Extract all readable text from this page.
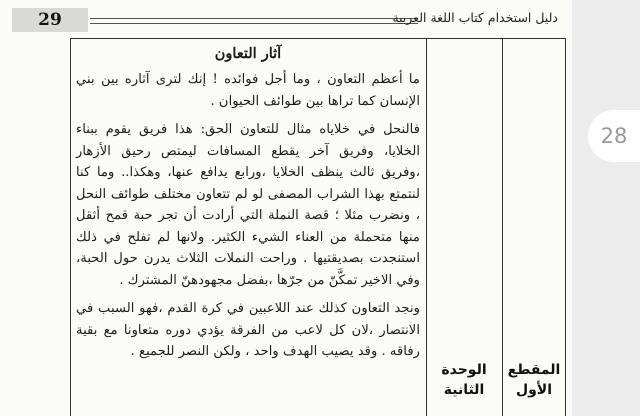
29	دليل استخدام كتاب اللغة العربية

آثار التعاون

ما أعظم التعاون ، وما أجل فوائده ! إنك لترى آثاره بين بني الإنسان كما تراها بين طوائف الحيوان .

فالنحل في خلاياه مثال للتعاون الحق: هذا فريق يقوم ببناء الخلايا، وفريق آخر يقطع المسافات ليمتص رحيق الأزهار ،وفريق ثالث ينظف الخلايا ،ورابع يدافع عنها، وهكذا.. وما كنا لنتمتع بهذا الشراب المصفى لو لم تتعاون مختلف طوائف النحل ، ونضرب مثلا ؛ قصة النملة التي أرادت أن تجر حبة قمح أثقل منها متحملة من العناء الشيء الكثير. ولانها لم تفلح في ذلك استنجدت بصديقتيها . وراحت النملات الثلاث يدرن حول الحبة، وفي الاخير تمكَّنّ من جرّها ،بفضل مجهودهنّ المشترك .

ونجد التعاون كذلك عند اللاعبين في كرة القدم ،فهو السبب في الانتصار ،لان كل لاعب من الفرقة يؤدي دوره متعاونا مع بقية رفاقه . وقد يصيب الهدف واحد ، ولكن النصر للجميع .

الوحدة الثانية
المقطع الأول
28
